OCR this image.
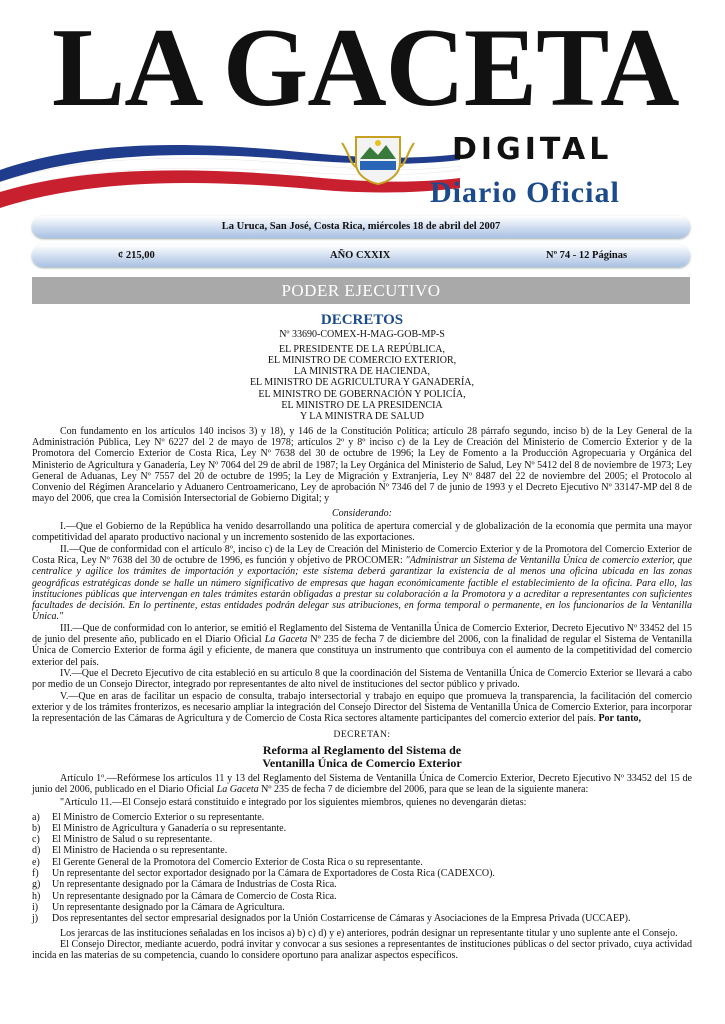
LA GACETA
DIGITAL
Diario Oficial
La Uruca, San José, Costa Rica, miércoles 18 de abril del 2007
¢ 215,00	AÑO CXXIX	Nº 74 - 12 Páginas
PODER EJECUTIVO
DECRETOS
Nº 33690-COMEX-H-MAG-GOB-MP-S
EL PRESIDENTE DE LA REPÚBLICA,
EL MINISTRO DE COMERCIO EXTERIOR,
LA MINISTRA DE HACIENDA,
EL MINISTRO DE AGRICULTURA Y GANADERÍA,
EL MINISTRO DE GOBERNACIÓN Y POLICÍA,
EL MINISTRO DE LA PRESIDENCIA
Y LA MINISTRA DE SALUD

Con fundamento en los artículos 140 incisos 3) y 18), y 146 de la Constitución Política; artículo 28 párrafo segundo, inciso b) de la Ley General de la Administración Pública, Ley Nº 6227 del 2 de mayo de 1978; artículos 2º y 8º inciso c) de la Ley de Creación del Ministerio de Comercio Exterior y de la Promotora del Comercio Exterior de Costa Rica, Ley Nº 7638 del 30 de octubre de 1996; la Ley de Fomento a la Producción Agropecuaria y Orgánica del Ministerio de Agricultura y Ganadería, Ley Nº 7064 del 29 de abril de 1987; la Ley Orgánica del Ministerio de Salud, Ley Nº 5412 del 8 de noviembre de 1973; Ley General de Aduanas, Ley Nº 7557 del 20 de octubre de 1995; la Ley de Migración y Extranjería, Ley Nº 8487 del 22 de noviembre del 2005; el Protocolo al Convenio del Régimen Arancelario y Aduanero Centroamericano, Ley de aprobación Nº 7346 del 7 de junio de 1993 y el Decreto Ejecutivo Nº 33147-MP del 8 de mayo del 2006, que crea la Comisión Intersectorial de Gobierno Digital; y

Considerando:

I.—Que el Gobierno de la República ha venido desarrollando una política de apertura comercial y de globalización de la economía que permita una mayor competitividad del aparato productivo nacional y un incremento sostenido de las exportaciones.

II.—Que de conformidad con el artículo 8º, inciso c) de la Ley de Creación del Ministerio de Comercio Exterior y de la Promotora del Comercio Exterior de Costa Rica, Ley Nº 7638 del 30 de octubre de 1996, es función y objetivo de PROCOMER: "Administrar un Sistema de Ventanilla Única de comercio exterior, que centralice y agilice los trámites de importación y exportación; este sistema deberá garantizar la existencia de al menos una oficina ubicada en las zonas geográficas estratégicas donde se halle un número significativo de empresas que hagan económicamente factible el establecimiento de la oficina. Para ello, las instituciones públicas que intervengan en tales trámites estarán obligadas a prestar su colaboración a la Promotora y a acreditar a representantes con suficientes facultades de decisión. En lo pertinente, estas entidades podrán delegar sus atribuciones, en forma temporal o permanente, en los funcionarios de la Ventanilla Única."

III.—Que de conformidad con lo anterior, se emitió el Reglamento del Sistema de Ventanilla Única de Comercio Exterior, Decreto Ejecutivo Nº 33452 del 15 de junio del presente año, publicado en el Diario Oficial La Gaceta Nº 235 de fecha 7 de diciembre del 2006, con la finalidad de regular el Sistema de Ventanilla Única de Comercio Exterior de forma ágil y eficiente, de manera que constituya un instrumento que contribuya con el aumento de la competitividad del comercio exterior del país.

IV.—Que el Decreto Ejecutivo de cita estableció en su artículo 8 que la coordinación del Sistema de Ventanilla Única de Comercio Exterior se llevará a cabo por medio de un Consejo Director, integrado por representantes de alto nivel de instituciones del sector público y privado.

V.—Que en aras de facilitar un espacio de consulta, trabajo intersectorial y trabajo en equipo que promueva la transparencia, la facilitación del comercio exterior y de los trámites fronterizos, es necesario ampliar la integración del Consejo Director del Sistema de Ventanilla Única de Comercio Exterior, para incorporar la representación de las Cámaras de Agricultura y de Comercio de Costa Rica sectores altamente participantes del comercio exterior del país. Por tanto,

DECRETAN:
Reforma al Reglamento del Sistema de
Ventanilla Única de Comercio Exterior

Artículo 1º.—Refórmese los artículos 11 y 13 del Reglamento del Sistema de Ventanilla Única de Comercio Exterior, Decreto Ejecutivo Nº 33452 del 15 de junio del 2006, publicado en el Diario Oficial La Gaceta Nº 235 de fecha 7 de diciembre del 2006, para que se lean de la siguiente manera:

"Artículo 11.—El Consejo estará constituido e integrado por los siguientes miembros, quienes no devengarán dietas:

a) El Ministro de Comercio Exterior o su representante.
b) El Ministro de Agricultura y Ganadería o su representante.
c) El Ministro de Salud o su representante.
d) El Ministro de Hacienda o su representante.
e) El Gerente General de la Promotora del Comercio Exterior de Costa Rica o su representante.
f) Un representante del sector exportador designado por la Cámara de Exportadores de Costa Rica (CADEXCO).
g) Un representante designado por la Cámara de Industrias de Costa Rica.
h) Un representante designado por la Cámara de Comercio de Costa Rica.
i) Un representante designado por la Cámara de Agricultura.
j) Dos representantes del sector empresarial designados por la Unión Costarricense de Cámaras y Asociaciones de la Empresa Privada (UCCAEP).

Los jerarcas de las instituciones señaladas en los incisos a) b) c) d) y e) anteriores, podrán designar un representante titular y uno suplente ante el Consejo.

El Consejo Director, mediante acuerdo, podrá invitar y convocar a sus sesiones a representantes de instituciones públicas o del sector privado, cuya actividad incida en las materias de su competencia, cuando lo considere oportuno para analizar aspectos específicos.
